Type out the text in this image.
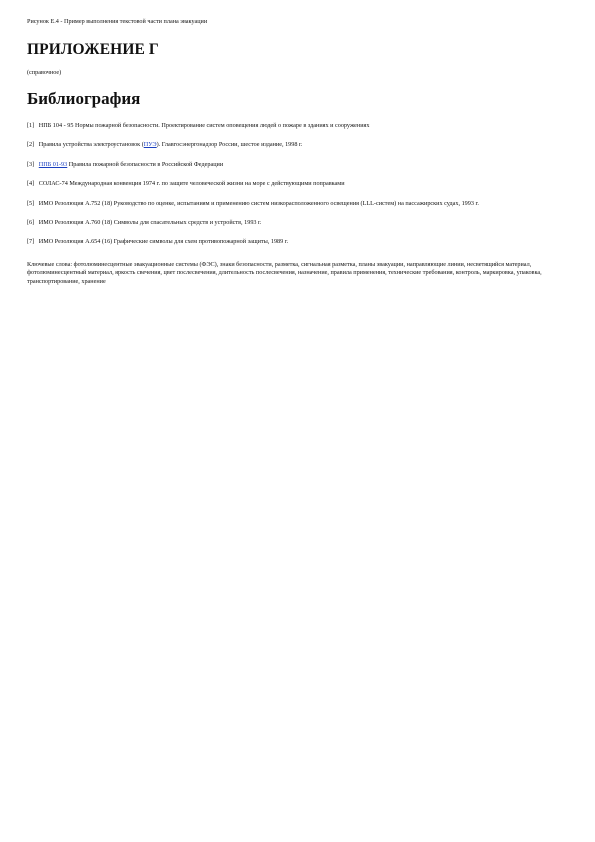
Рисунок Е.4 - Пример выполнения текстовой части плана эвакуации

ПРИЛОЖЕНИЕ Г

(справочное)

Библиография

[1] НПБ 104 - 95 Нормы пожарной безопасности. Проектирование систем оповещения людей о пожаре в зданиях и сооружениях

[2] Правила устройства электроустановок (ПУЭ). Главгосэнергонадзор России, шестое издание, 1998 г.

[3] ППБ 01-93 Правила пожарной безопасности в Российской Федерации

[4] СОЛАС-74 Международная конвенция 1974 г. по защите человеческой жизни на море с действующими поправками

[5] ИМО Резолюция А.752 (18) Руководство по оценке, испытаниям и применению систем низкорасположенного освещения (LLL-систем) на пассажирских судах, 1993 г.

[6] ИМО Резолюция А.760 (18) Символы для спасательных средств и устройств, 1993 г.

[7] ИМО Резолюция А.654 (16) Графические символы для схем противопожарной защиты, 1989 г.

Ключевые слова: фотолюминесцентные эвакуационные системы (ФЭС), знаки безопасности, разметка, сигнальная разметка, планы эвакуации, направляющие линии, несветящийся материал, фотолюминесцентный материал, яркость свечения, цвет послесвечения, длительность послесвечения, назначение, правила применения, технические требования, контроль, маркировка, упаковка, транспортирование, хранение
